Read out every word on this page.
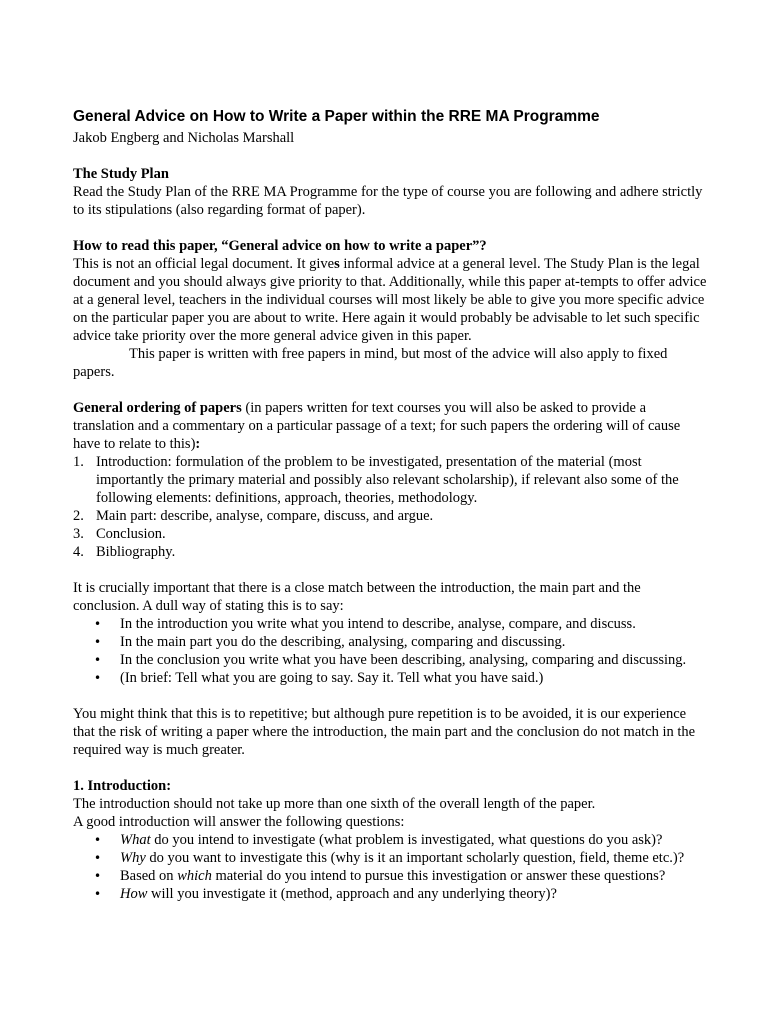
General Advice on How to Write a Paper within the RRE MA Programme
Jakob Engberg and Nicholas Marshall
The Study Plan

Read the Study Plan of the RRE MA Programme for the type of course you are following and adhere strictly to its stipulations (also regarding format of paper).

How to read this paper, “General advice on how to write a paper”?

This is not an official legal document. It gives informal advice at a general level. The Study Plan is the legal document and you should always give priority to that. Additionally, while this paper at-tempts to offer advice at a general level, teachers in the individual courses will most likely be able to give you more specific advice on the particular paper you are about to write. Here again it would probably be advisable to let such specific advice take priority over the more general advice given in this paper.

This paper is written with free papers in mind, but most of the advice will also apply to fixed papers.

General ordering of papers (in papers written for text courses you will also be asked to provide a translation and a commentary on a particular passage of a text; for such papers the ordering will of cause have to relate to this):

1. Introduction: formulation of the problem to be investigated, presentation of the material (most importantly the primary material and possibly also relevant scholarship), if relevant also some of the following elements: definitions, approach, theories, methodology.
2. Main part: describe, analyse, compare, discuss, and argue.
3. Conclusion.
4. Bibliography.

It is crucially important that there is a close match between the introduction, the main part and the conclusion. A dull way of stating this is to say:

• In the introduction you write what you intend to describe, analyse, compare, and discuss.
• In the main part you do the describing, analysing, comparing and discussing.
• In the conclusion you write what you have been describing, analysing, comparing and discussing.
• (In brief: Tell what you are going to say. Say it. Tell what you have said.)

You might think that this is to repetitive; but although pure repetition is to be avoided, it is our experience that the risk of writing a paper where the introduction, the main part and the conclusion do not match in the required way is much greater.

1. Introduction:

The introduction should not take up more than one sixth of the overall length of the paper.

A good introduction will answer the following questions:

• What do you intend to investigate (what problem is investigated, what questions do you ask)?
• Why do you want to investigate this (why is it an important scholarly question, field, theme etc.)?
• Based on which material do you intend to pursue this investigation or answer these questions?
• How will you investigate it (method, approach and any underlying theory)?
